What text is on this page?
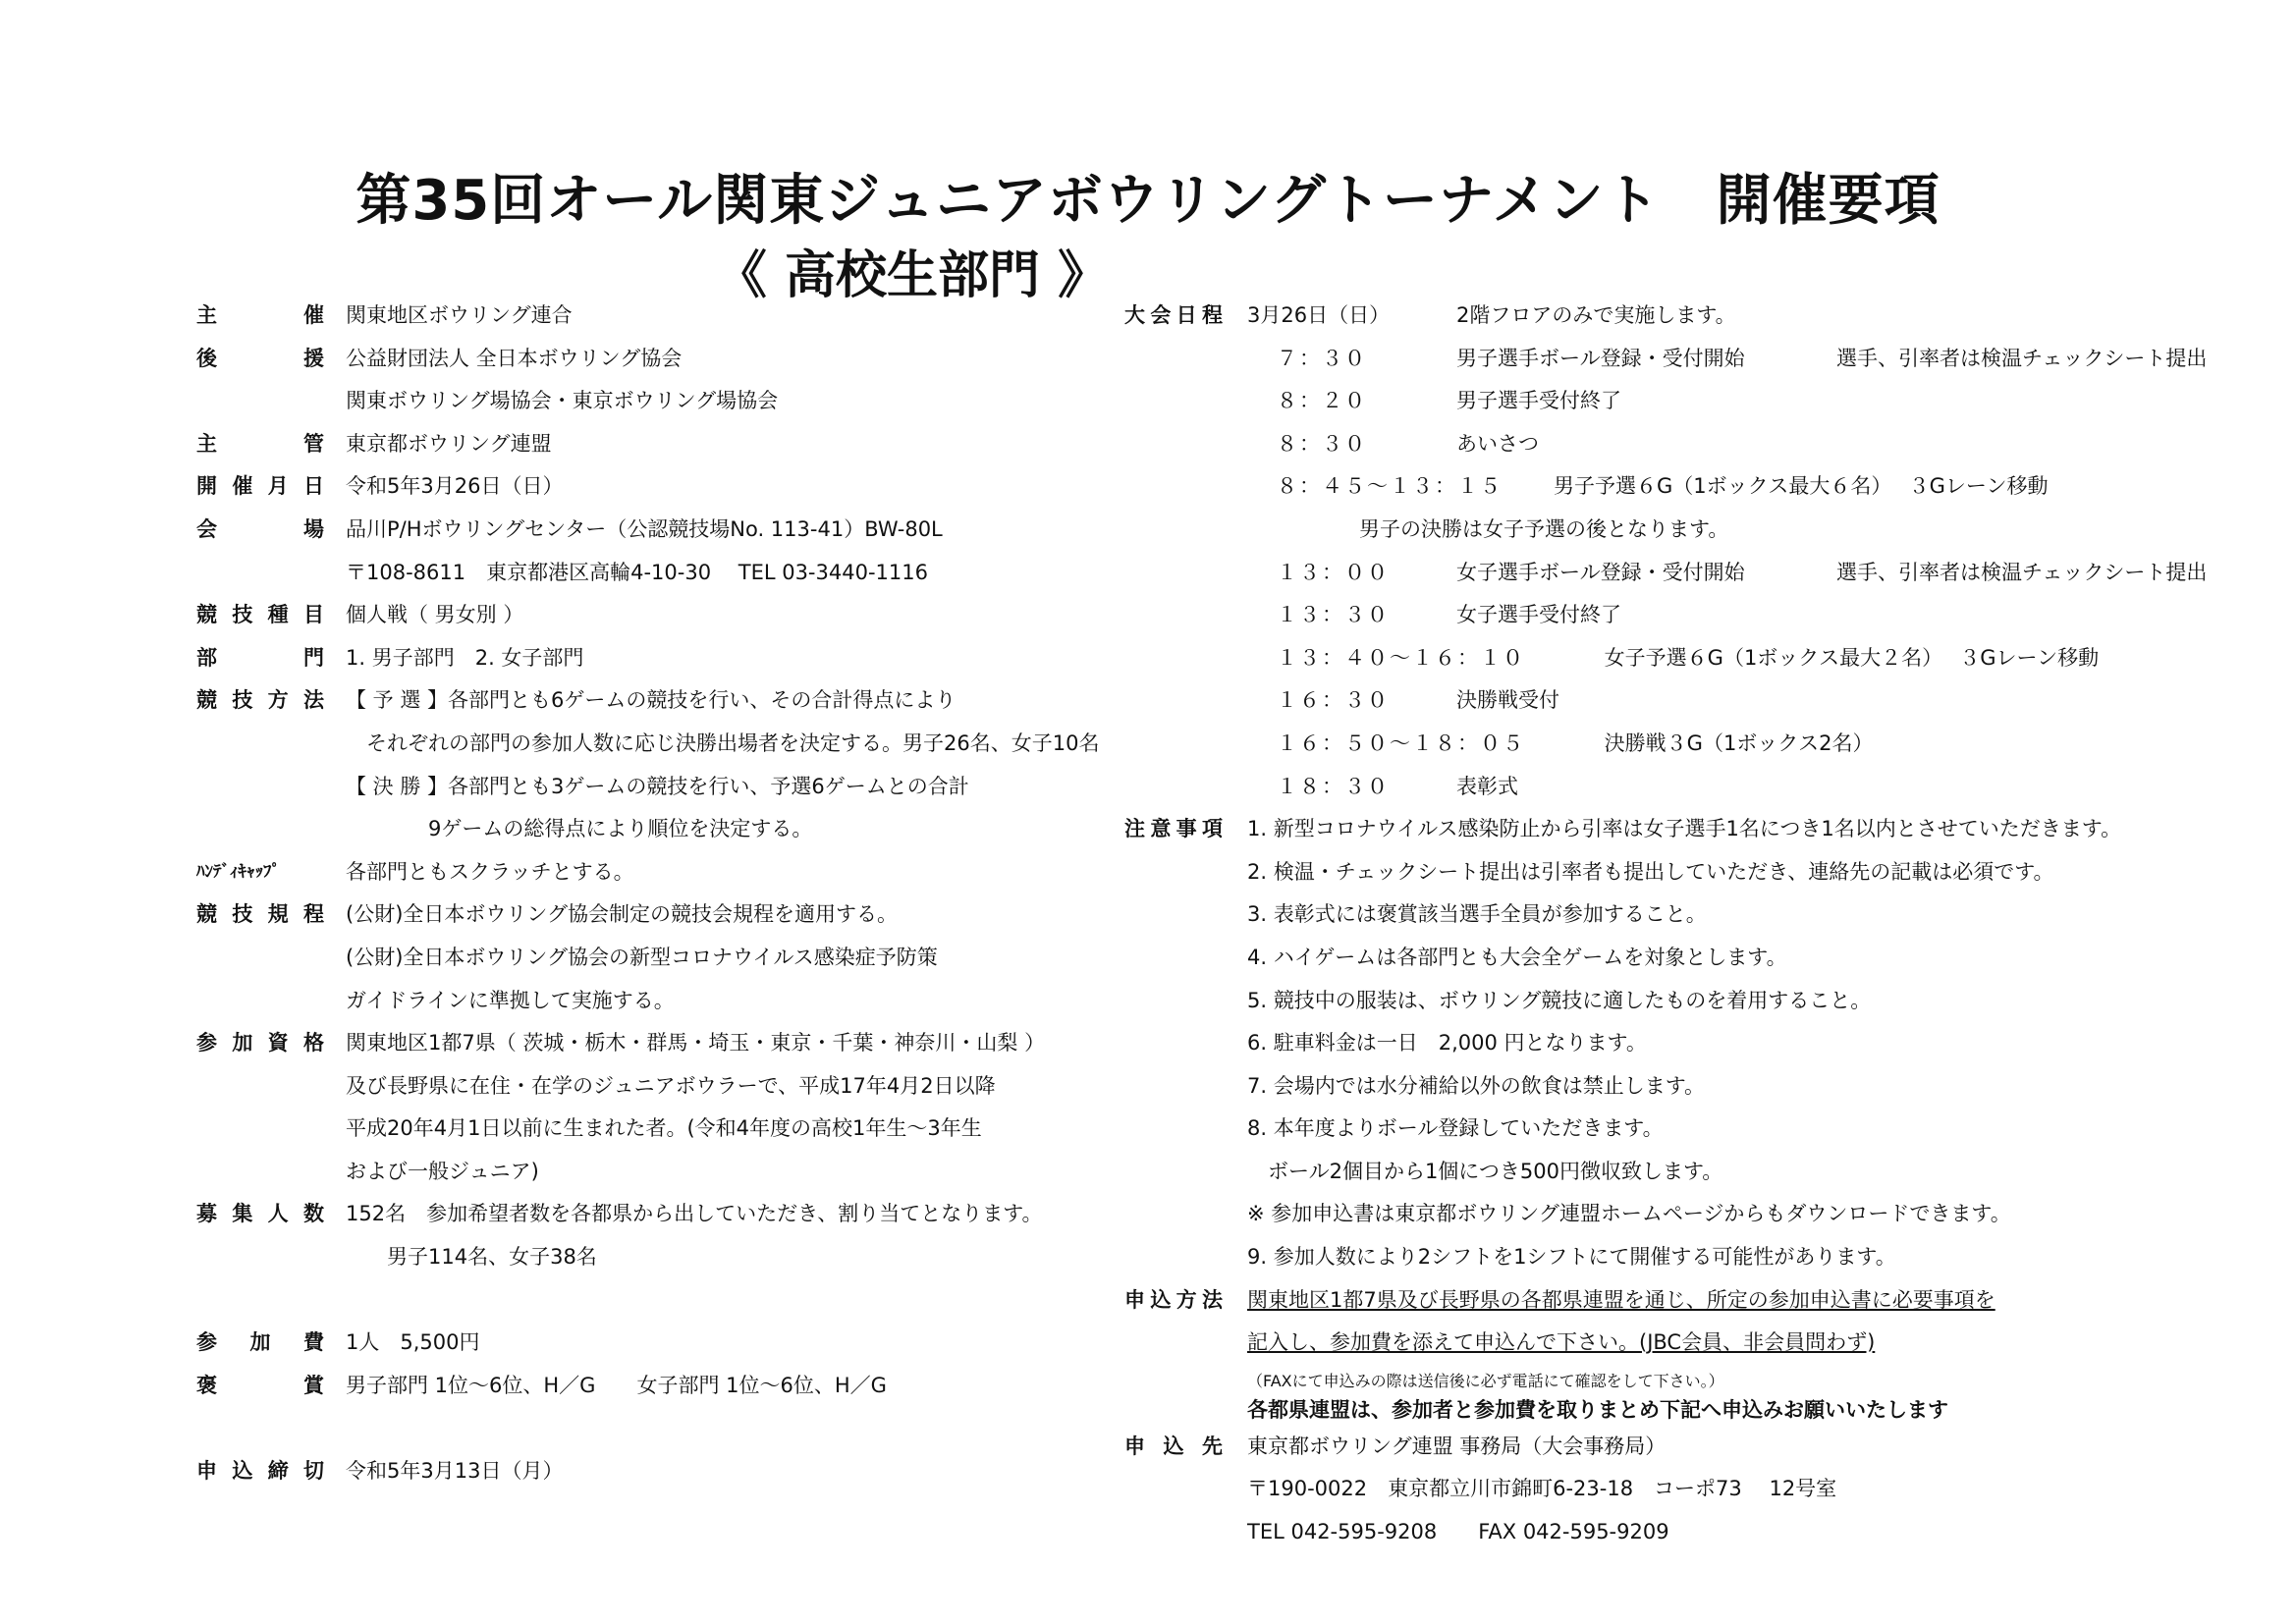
第35回オール関東ジュニアボウリングトーナメント　開催要項
《 高校生部門 》
主　催 関東地区ボウリング連合
後　援 公益財団法人 全日本ボウリング協会
関東ボウリング場協会・東京ボウリング場協会
主　管 東京都ボウリング連盟
開催月日 令和5年3月26日（日）
会　場 品川P/Hボウリングセンター（公認競技場No. 113-41）BW-80L
〒108-8611　東京都港区高輪4-10-30　 TEL 03-3440-1116
競技種目 個人戦（ 男女別 ）
部　門 1. 男子部門　2. 女子部門
競技方法 【 予 選 】各部門とも6ゲームの競技を行い、その合計得点により
　それぞれの部門の参加人数に応じ決勝出場者を決定する。男子26名、女子10名
【 決 勝 】各部門とも3ゲームの競技を行い、予選6ゲームとの合計
　　　　9ゲームの総得点により順位を決定する。
ﾊﾝﾃﾞｨｷｬｯﾌﾟ	各部門ともスクラッチとする。
競技規程 (公財)全日本ボウリング協会制定の競技会規程を適用する。
(公財)全日本ボウリング協会の新型コロナウイルス感染症予防策
ガイドラインに準拠して実施する。
参加資格 関東地区1都7県（ 茨城・栃木・群馬・埼玉・東京・千葉・神奈川・山梨 ）
及び長野県に在住・在学のジュニアボウラーで、平成17年4月2日以降
平成20年4月1日以前に生まれた者。(令和4年度の高校1年生～3年生
および一般ジュニア)
募集人数 152名　参加希望者数を各都県から出していただき、割り当てとなります。
　　男子114名、女子38名
参加費 1人　5,500円
褒　賞 男子部門 1位～6位、H／G　　女子部門 1位～6位、H／G
申込締切 令和5年3月13日（月）
大会日程 3月26日（日）	2階フロアのみで実施します。
７：３０	男子選手ボール登録・受付開始	選手、引率者は検温チェックシート提出
８：２０	男子選手受付終了
８：３０	あいさつ
８：４５～１３：１５ 　　男子予選６G（1ボックス最大６名）　 ３Gレーン移動
　　　　男子の決勝は女子予選の後となります。
１３：００	女子選手ボール登録・受付開始	選手、引率者は検温チェックシート提出
１３：３０	女子選手受付終了
１３：４０～１６：１０ 　　　 女子予選６G（1ボックス最大２名）　 ３Gレーン移動
１６：３０	決勝戦受付
１６：５０～１８：０５ 　　　 決勝戦３G（1ボックス2名）
１８：３０	表彰式
注意事項 1. 新型コロナウイルス感染防止から引率は女子選手1名につき1名以内とさせていただきます。
2. 検温・チェックシート提出は引率者も提出していただき、連絡先の記載は必須です。
3. 表彰式には褒賞該当選手全員が参加すること。
4. ハイゲームは各部門とも大会全ゲームを対象とします。
5. 競技中の服装は、ボウリング競技に適したものを着用すること。
6. 駐車料金は一日　2,000 円となります。
7. 会場内では水分補給以外の飲食は禁止します。
8. 本年度よりボール登録していただきます。
　ボール2個目から1個につき500円徴収致します。
※ 参加申込書は東京都ボウリング連盟ホームページからもダウンロードできます。
9. 参加人数により2シフトを1シフトにて開催する可能性があります。
申込方法 関東地区1都7県及び長野県の各都県連盟を通じ、所定の参加申込書に必要事項を
記入し、参加費を添えて申込んで下さい。(JBC会員、非会員問わず)
（FAXにて申込みの際は送信後に必ず電話にて確認をして下さい。）
各都県連盟は、参加者と参加費を取りまとめ下記へ申込みお願いいたします
申込先 東京都ボウリング連盟 事務局（大会事務局）
〒190-0022　東京都立川市錦町6-23-18　コーポ73　 12号室
TEL 042-595-9208　　FAX 042-595-9209
